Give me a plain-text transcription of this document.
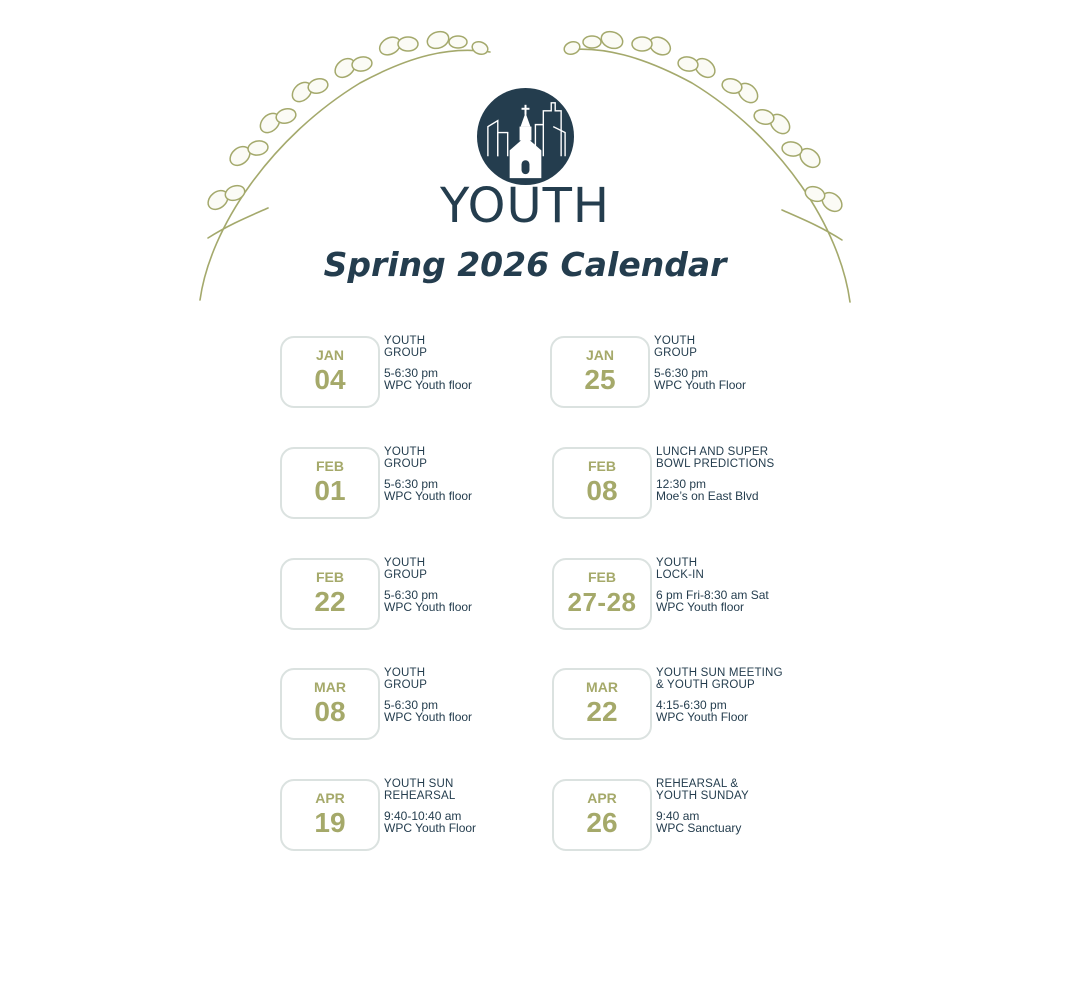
YOUTH
Spring 2026 Calendar
JAN
04
YOUTH
GROUP
5-6:30 pm
WPC Youth floor
JAN
25
YOUTH
GROUP
5-6:30 pm
WPC Youth Floor
FEB
01
YOUTH
GROUP
5-6:30 pm
WPC Youth floor
FEB
08
LUNCH AND SUPER
BOWL PREDICTIONS
12:30 pm
Moe’s on East Blvd
FEB
22
YOUTH
GROUP
5-6:30 pm
WPC Youth floor
FEB
27-28
YOUTH
LOCK-IN
6 pm Fri-8:30 am Sat
WPC Youth floor
MAR
08
YOUTH
GROUP
5-6:30 pm
WPC Youth floor
MAR
22
YOUTH SUN MEETING
& YOUTH GROUP
4:15-6:30 pm
WPC Youth Floor
APR
19
YOUTH SUN
REHEARSAL
9:40-10:40 am
WPC Youth Floor
APR
26
REHEARSAL &
YOUTH SUNDAY
9:40 am
WPC Sanctuary
